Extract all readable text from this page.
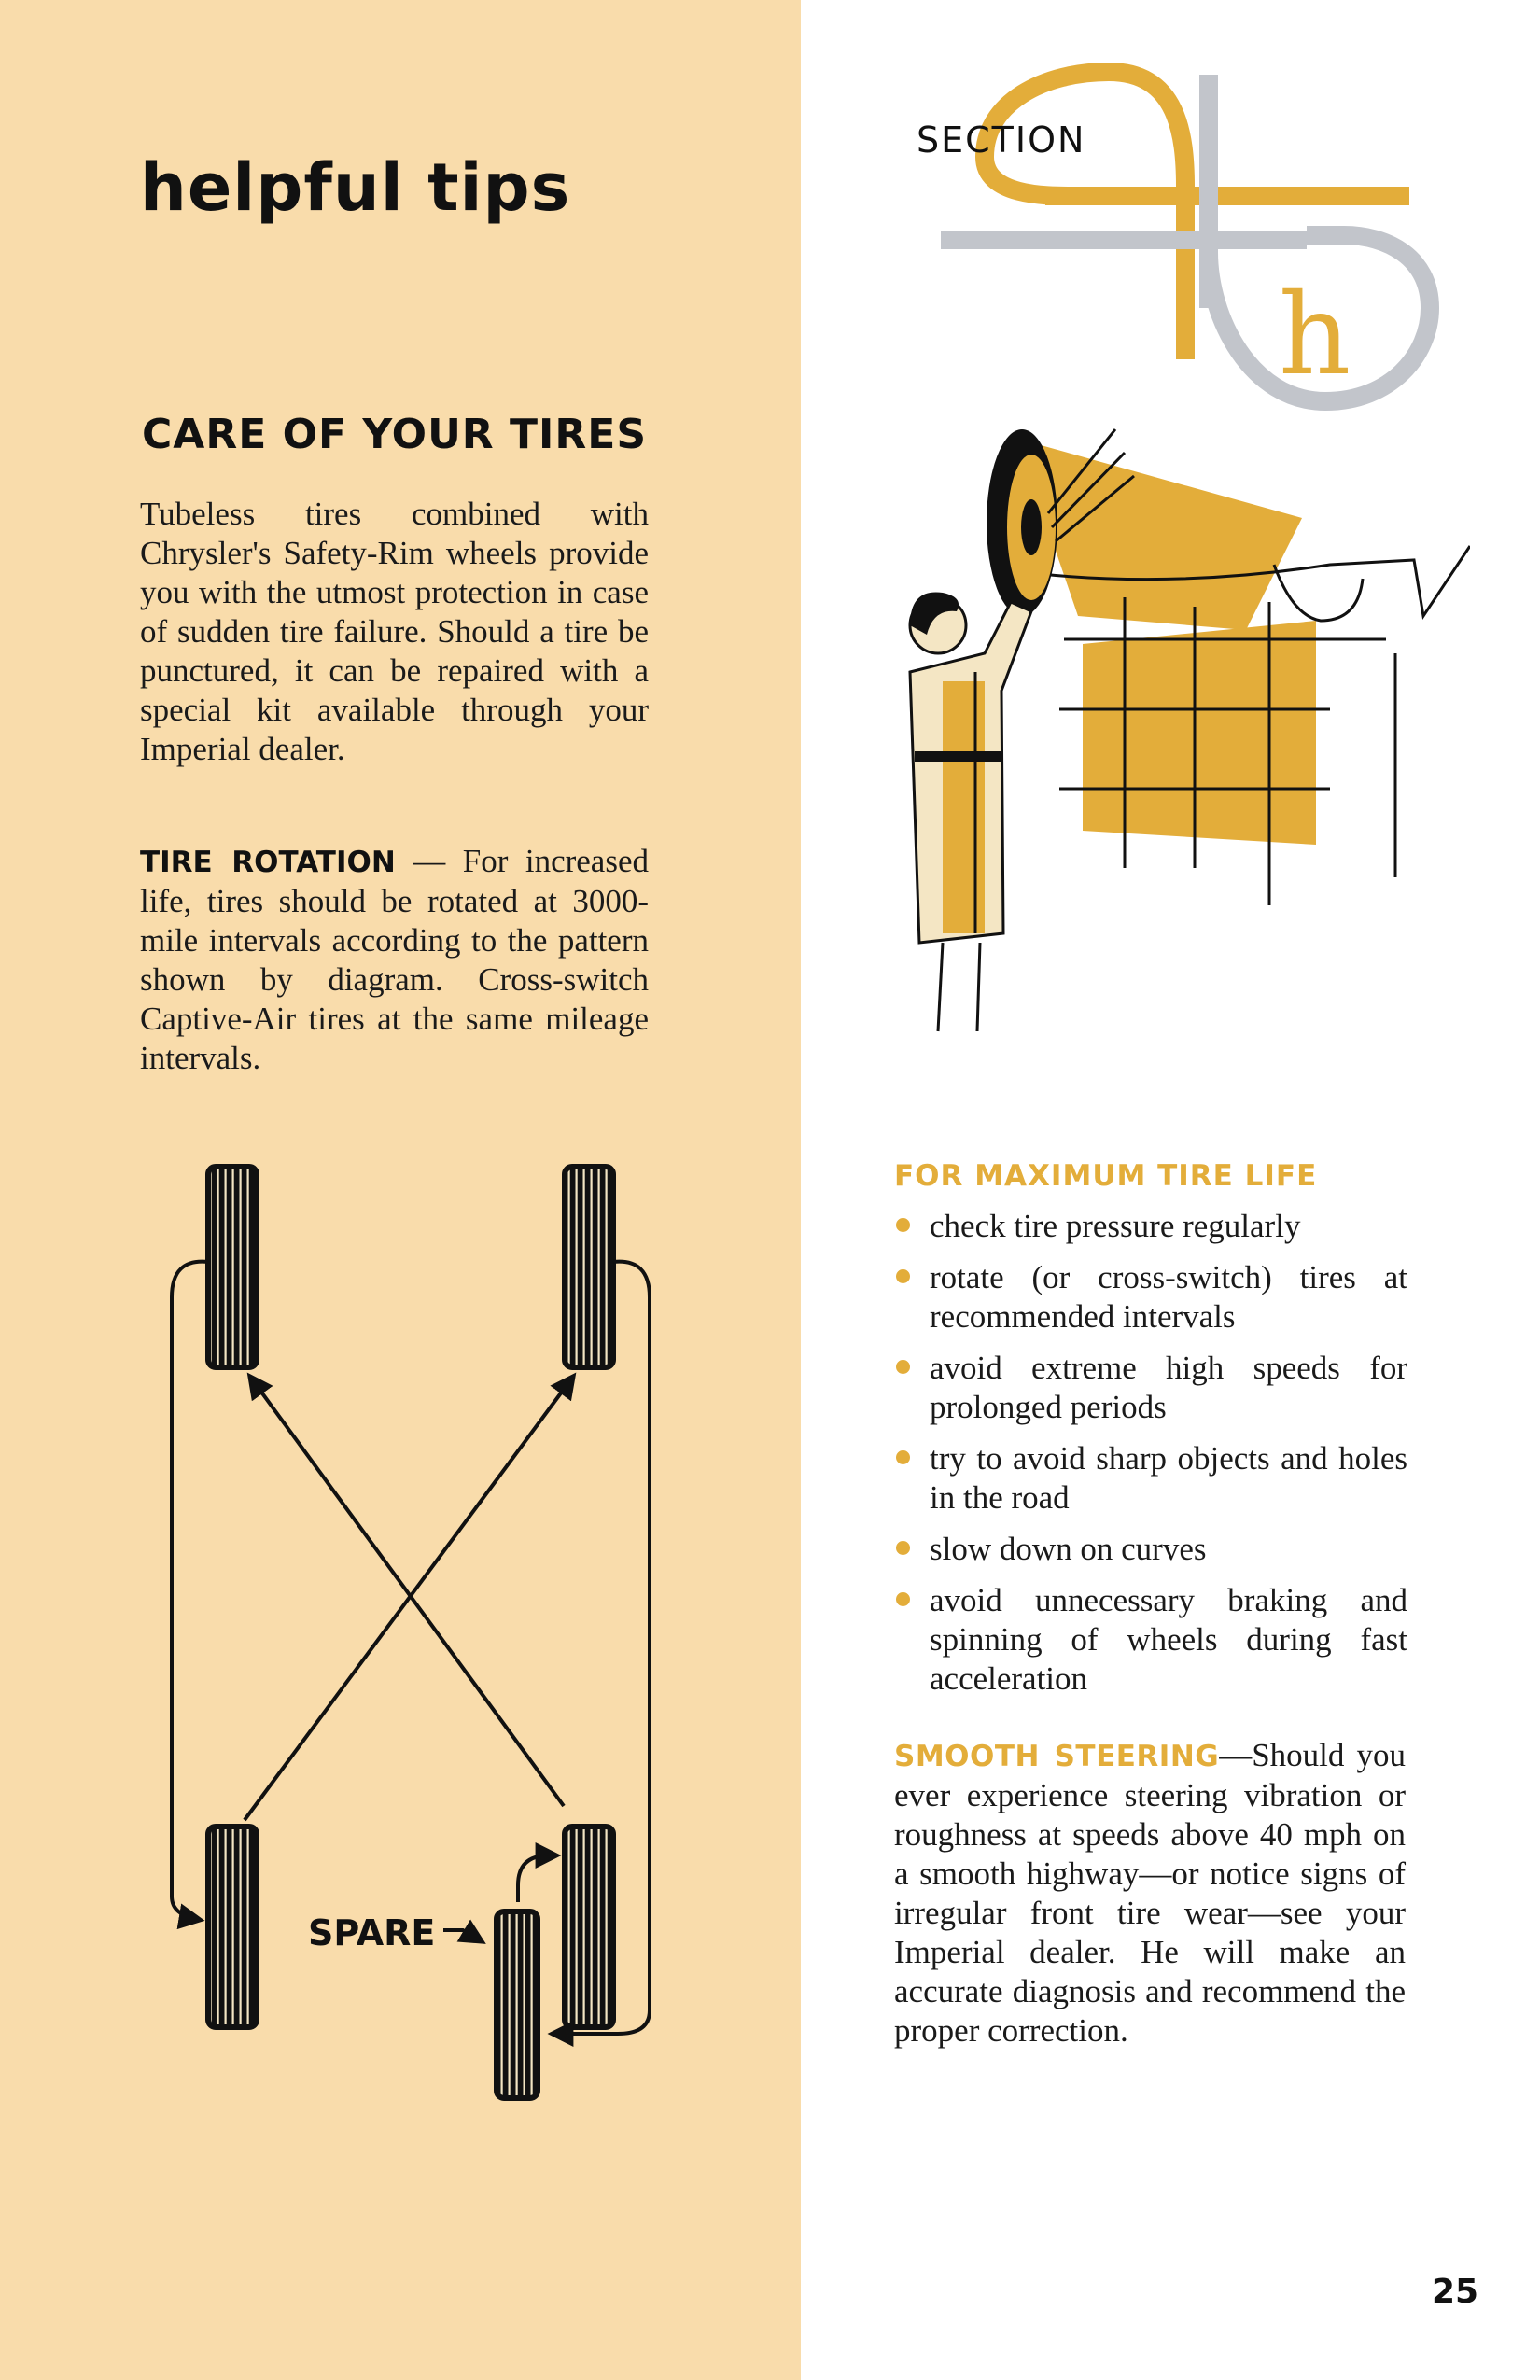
helpful tips
CARE OF YOUR TIRES

Tubeless tires combined with Chrysler's Safety-Rim wheels provide you with the utmost protection in case of sudden tire failure. Should a tire be punctured, it can be repaired with a special kit available through your Imperial dealer.

TIRE ROTATION — For increased life, tires should be rotated at 3000-mile intervals according to the pattern shown by diagram. Cross-switch Captive-Air tires at the same mileage intervals.

SPARE
h
SECTION
FOR MAXIMUM TIRE LIFE
check tire pressure regularly
rotate (or cross-switch) tires at recommended intervals
avoid extreme high speeds for prolonged periods
try to avoid sharp objects and holes in the road
slow down on curves
avoid unnecessary braking and spinning of wheels during fast acceleration

SMOOTH STEERING—Should you ever experience steering vibration or roughness at speeds above 40 mph on a smooth highway—or notice signs of irregular front tire wear—see your Imperial dealer. He will make an accurate diagnosis and recommend the proper correction.

25
